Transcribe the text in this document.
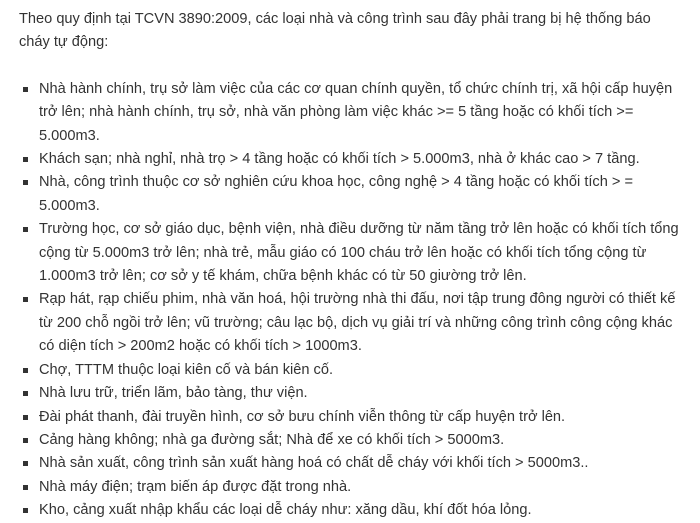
Theo quy định tại TCVN 3890:2009, các loại nhà và công trình sau đây phải trang bị hệ thống báo cháy tự động:

Nhà hành chính, trụ sở làm việc của các cơ quan chính quyền, tổ chức chính trị, xã hội cấp huyện trở lên; nhà hành chính, trụ sở, nhà văn phòng làm việc khác >= 5 tầng hoặc có khối tích >= 5.000m3.
Khách sạn; nhà nghỉ, nhà trọ > 4 tầng hoặc có khối tích > 5.000m3, nhà ở khác cao > 7 tầng.
Nhà, công trình thuộc cơ sở nghiên cứu khoa học, công nghệ > 4 tầng hoặc có khối tích > = 5.000m3.
Trường học, cơ sở giáo dục, bệnh viện, nhà điều dưỡng từ năm tầng trở lên hoặc có khối tích tổng cộng từ 5.000m3 trở lên; nhà trẻ, mẫu giáo có 100 cháu trở lên hoặc có khối tích tổng cộng từ 1.000m3 trở lên; cơ sở y tế khám, chữa bệnh khác có từ 50 giường trở lên.
Rạp hát, rạp chiếu phim, nhà văn hoá, hội trường nhà thi đấu, nơi tập trung đông người có thiết kế từ 200 chỗ ngồi trở lên; vũ trường; câu lạc bộ, dịch vụ giải trí và những công trình công cộng khác có diện tích > 200m2 hoặc có khối tích > 1000m3.
Chợ, TTTM thuộc loại kiên cố và bán kiên cố.
Nhà lưu trữ, triển lãm, bảo tàng, thư viện.
Đài phát thanh, đài truyền hình, cơ sở bưu chính viễn thông từ cấp huyện trở lên.
Cảng hàng không; nhà ga đường sắt; Nhà để xe có khối tích > 5000m3.
Nhà sản xuất, công trình sản xuất hàng hoá có chất dễ cháy với khối tích > 5000m3..
Nhà máy điện; trạm biến áp được đặt trong nhà.
Kho, cảng xuất nhập khẩu các loại dễ cháy như: xăng dầu, khí đốt hóa lỏng.
